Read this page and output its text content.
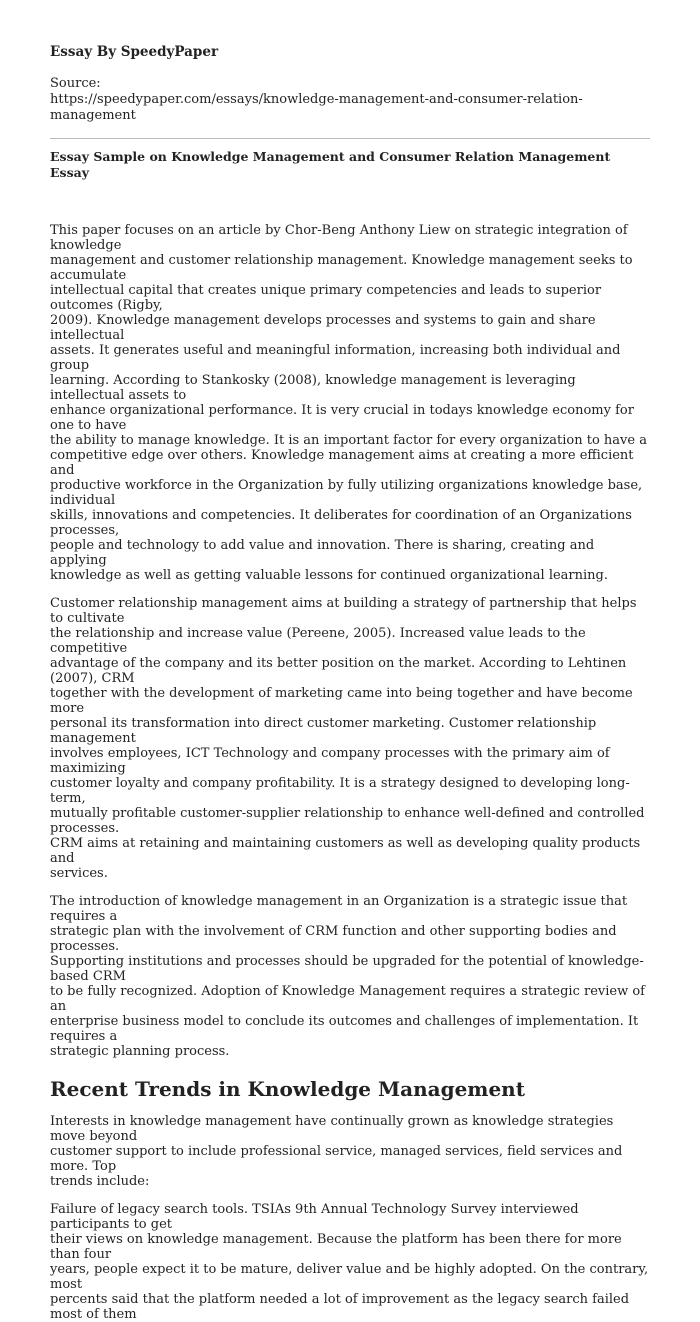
Essay By SpeedyPaper
Source:
https://speedypaper.com/essays/knowledge-management-and-consumer-relation-management
Essay Sample on Knowledge Management and Consumer Relation Management Essay

This paper focuses on an article by Chor-Beng Anthony Liew on strategic integration of knowledge
management and customer relationship management. Knowledge management seeks to accumulate
intellectual capital that creates unique primary competencies and leads to superior outcomes (Rigby,
2009). Knowledge management develops processes and systems to gain and share intellectual
assets. It generates useful and meaningful information, increasing both individual and group
learning. According to Stankosky (2008), knowledge management is leveraging intellectual assets to
enhance organizational performance. It is very crucial in todays knowledge economy for one to have
the ability to manage knowledge. It is an important factor for every organization to have a
competitive edge over others. Knowledge management aims at creating a more efficient and
productive workforce in the Organization by fully utilizing organizations knowledge base, individual
skills, innovations and competencies. It deliberates for coordination of an Organizations processes,
people and technology to add value and innovation. There is sharing, creating and applying
knowledge as well as getting valuable lessons for continued organizational learning.

Customer relationship management aims at building a strategy of partnership that helps to cultivate
the relationship and increase value (Pereene, 2005). Increased value leads to the competitive
advantage of the company and its better position on the market. According to Lehtinen (2007), CRM
together with the development of marketing came into being together and have become more
personal its transformation into direct customer marketing. Customer relationship management
involves employees, ICT Technology and company processes with the primary aim of maximizing
customer loyalty and company profitability. It is a strategy designed to developing long-term,
mutually profitable customer-supplier relationship to enhance well-defined and controlled processes.
CRM aims at retaining and maintaining customers as well as developing quality products and
services.

The introduction of knowledge management in an Organization is a strategic issue that requires a
strategic plan with the involvement of CRM function and other supporting bodies and processes.
Supporting institutions and processes should be upgraded for the potential of knowledge-based CRM
to be fully recognized. Adoption of Knowledge Management requires a strategic review of an
enterprise business model to conclude its outcomes and challenges of implementation. It requires a
strategic planning process.

Recent Trends in Knowledge Management

Interests in knowledge management have continually grown as knowledge strategies move beyond
customer support to include professional service, managed services, field services and more. Top
trends include:

Failure of legacy search tools. TSIAs 9th Annual Technology Survey interviewed participants to get
their views on knowledge management. Because the platform has been there for more than four
years, people expect it to be mature, deliver value and be highly adopted. On the contrary, most
percents said that the platform needed a lot of improvement as the legacy search failed most of them
